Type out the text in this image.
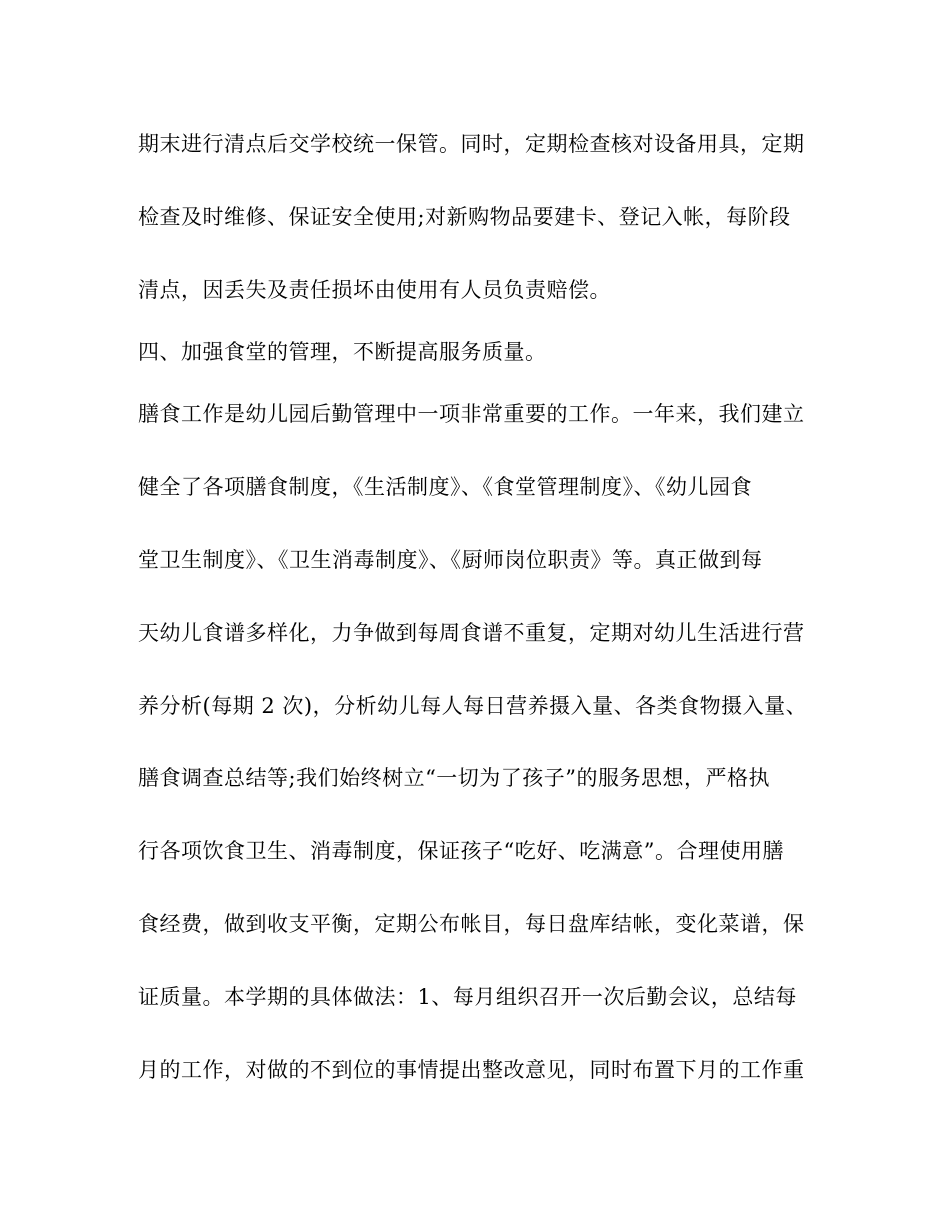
期末进行清点后交学校统一保管。同时，定期检查核对设备用具，定期
检查及时维修、保证安全使用;对新购物品要建卡、登记入帐，每阶段
清点，因丢失及责任损坏由使用有人员负责赔偿。
四、加强食堂的管理，不断提高服务质量。
膳食工作是幼儿园后勤管理中一项非常重要的工作。一年来，我们建立
健全了各项膳食制度，《生活制度》、《食堂管理制度》、《幼儿园食
堂卫生制度》、《卫生消毒制度》、《厨师岗位职责》等。真正做到每
天幼儿食谱多样化，力争做到每周食谱不重复，定期对幼儿生活进行营
养分析(每期 2 次)，分析幼儿每人每日营养摄入量、各类食物摄入量、
膳食调查总结等;我们始终树立“一切为了孩子”的服务思想，严格执
行各项饮食卫生、消毒制度，保证孩子“吃好、吃满意”。合理使用膳
食经费，做到收支平衡，定期公布帐目，每日盘库结帐，变化菜谱，保
证质量。本学期的具体做法：1、每月组织召开一次后勤会议，总结每
月的工作，对做的不到位的事情提出整改意见，同时布置下月的工作重
